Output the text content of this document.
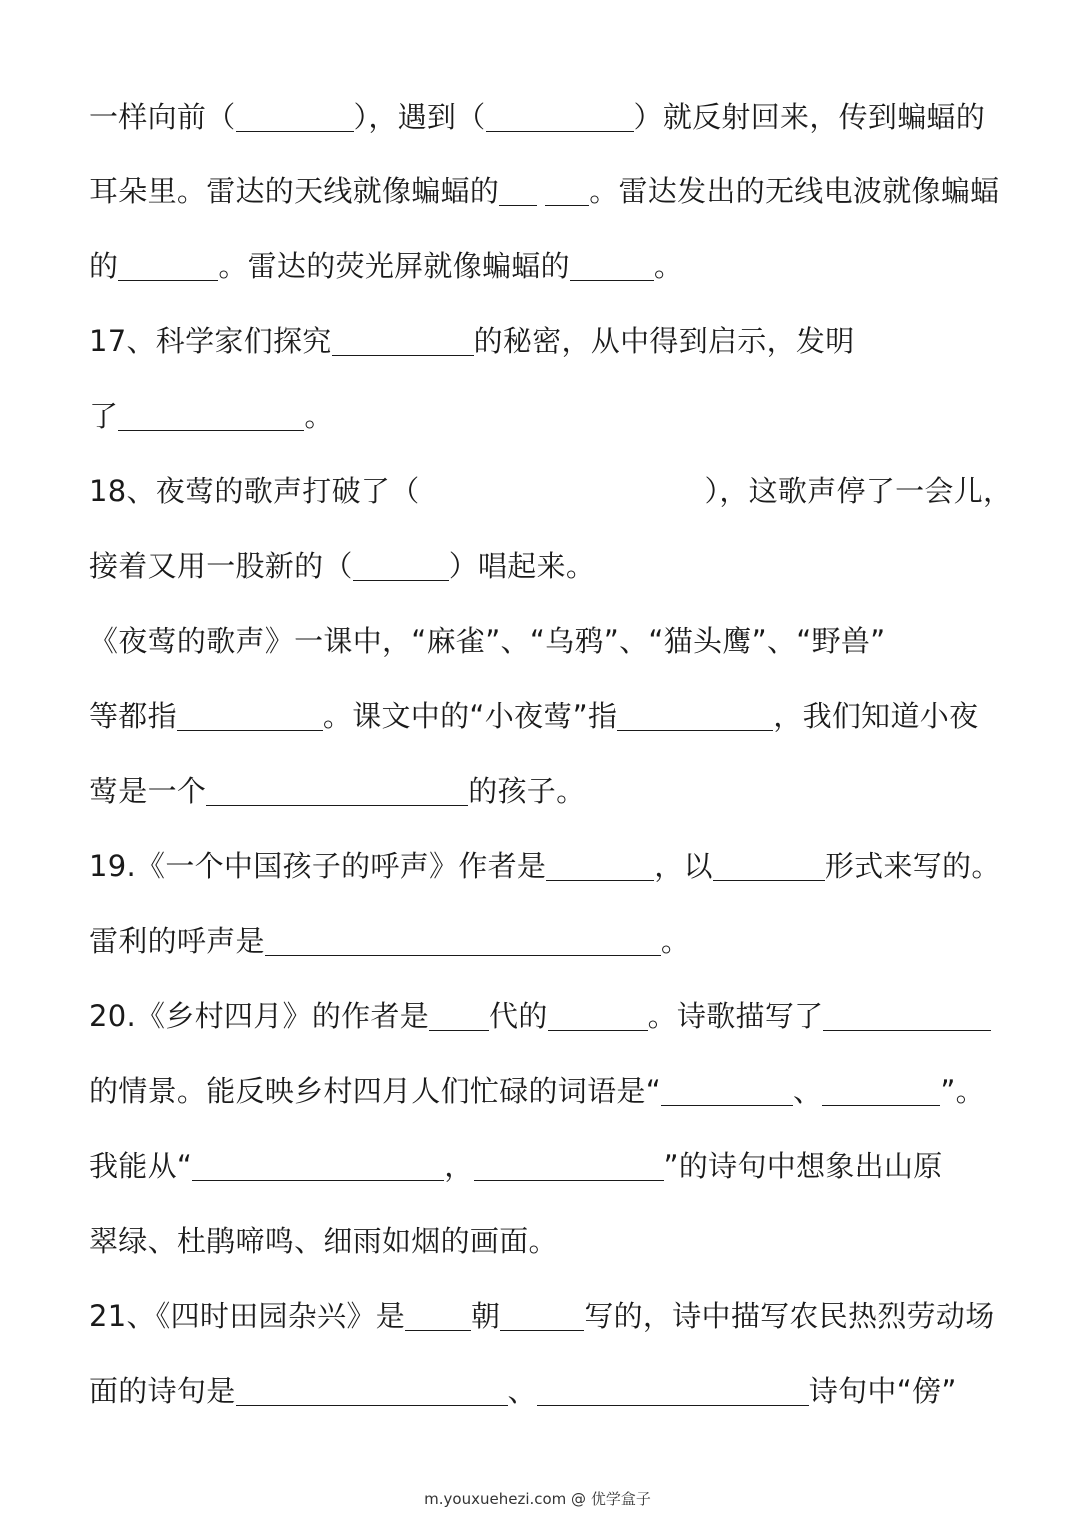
一样向前（	），遇到（	）就反射回来，传到蝙蝠的
耳朵里。雷达的天线就像蝙蝠的	。雷达发出的无线电波就像蝙蝠
的	。雷达的荧光屏就像蝙蝠的	。
17、科学家们探究	的秘密，从中得到启示，发明
了	。
18、夜莺的歌声打破了（	），这歌声停了一会儿，
接着又用一股新的（	）唱起来。
《夜莺的歌声》一课中，“麻雀”、“乌鸦”、“猫头鹰”、“野兽”
等都指	。课文中的“小夜莺”指	，我们知道小夜
莺是一个	的孩子。
19.《一个中国孩子的呼声》作者是	，以	形式来写的。
雷利的呼声是	。
20.《乡村四月》的作者是 代的	。诗歌描写了
的情景。能反映乡村四月人们忙碌的词语是“	、	”。
我能从“	，	”的诗句中想象出山原
翠绿、杜鹃啼鸣、细雨如烟的画面。
21、《四时田园杂兴》是 朝	写的，诗中描写农民热烈劳动场
面的诗句是	、	诗句中“傍”
m.youxuehezi.com @ 优学盒子
